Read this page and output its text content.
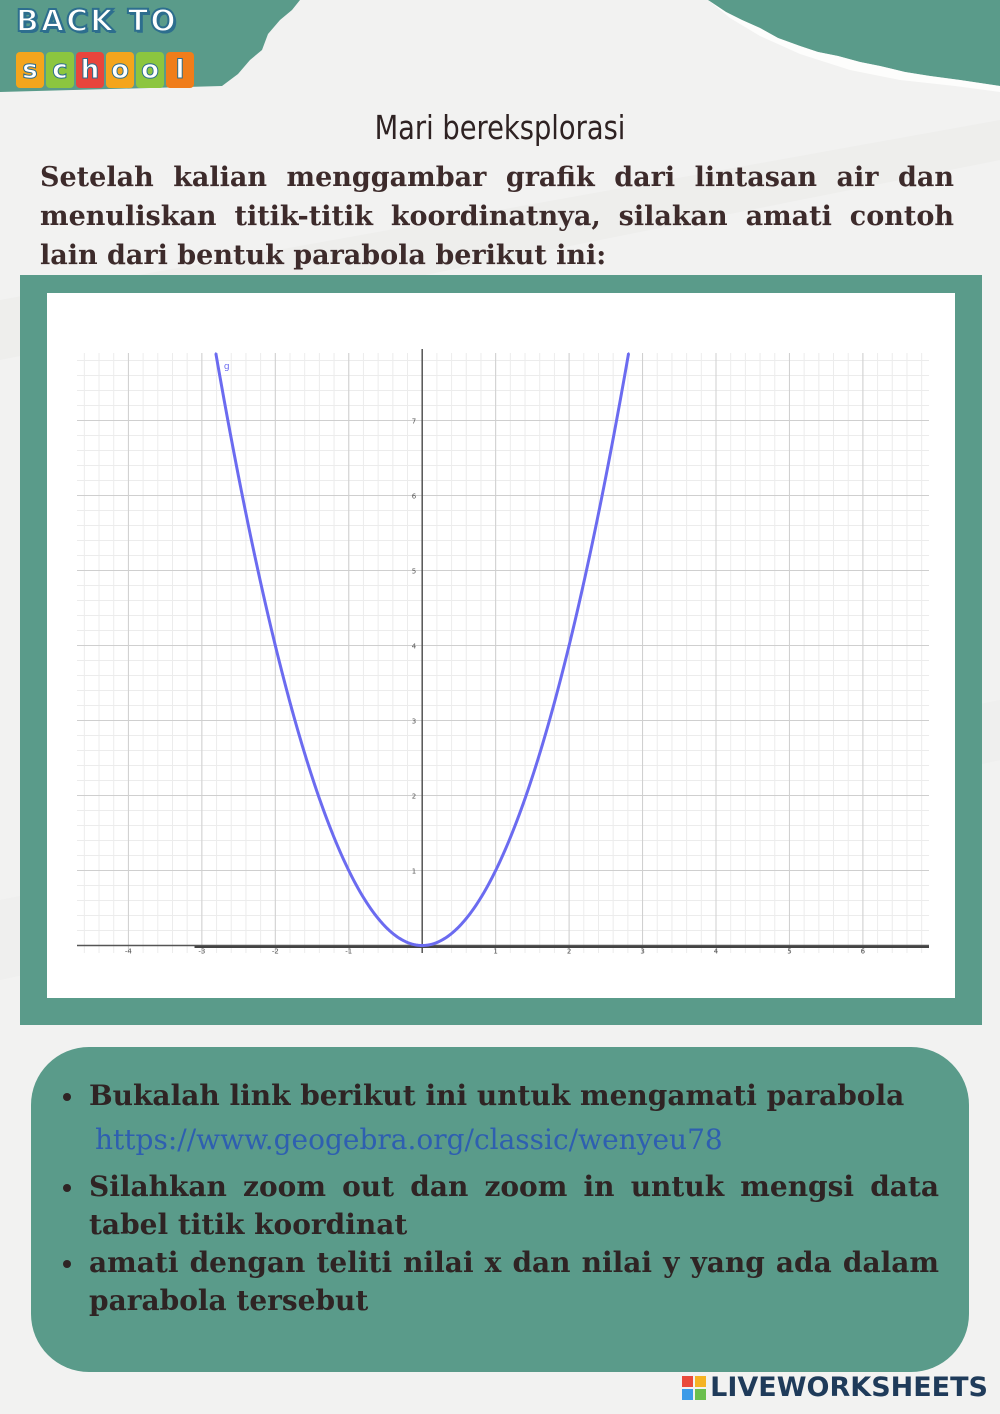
BACK TO
s c h o o l
Mari bereksplorasi
Setelah kalian menggambar grafik dari lintasan air dan menuliskan titik-titik koordinatnya, silakan amati contoh lain dari bentuk parabola berikut ini:
-4	-3	-2	-1	1	2	3	4	5	6
1
2
3
4
5
6
7
g
Bukalah link berikut ini untuk mengamati parabola
https://www.geogebra.org/classic/wenyeu78
Silahkan zoom out dan zoom in untuk mengsi data tabel titik koordinat
amati dengan teliti nilai x dan nilai y yang ada dalam parabola tersebut
LIVEWORKSHEETS
